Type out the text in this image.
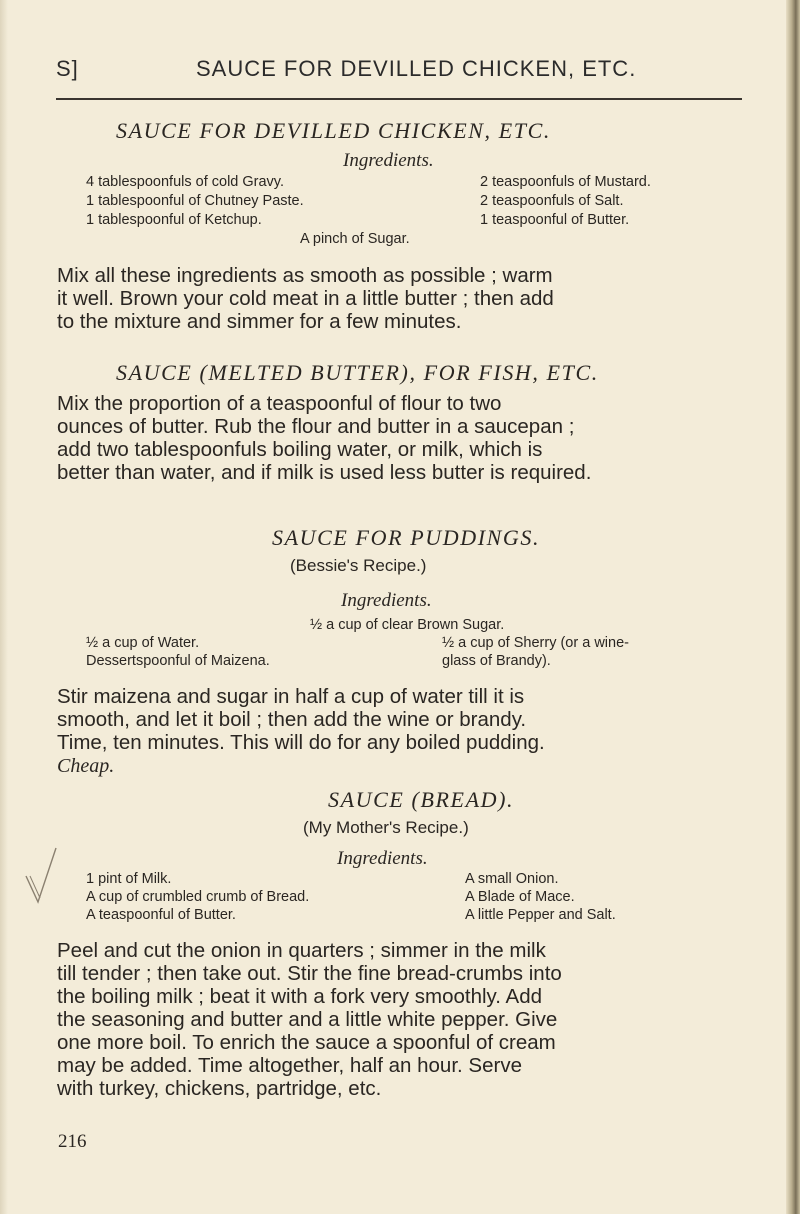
S]	SAUCE FOR DEVILLED CHICKEN, ETC.
SAUCE FOR DEVILLED CHICKEN, ETC.
Ingredients.
4 tablespoonfuls of cold Gravy.
1 tablespoonful of Chutney Paste.
1 tablespoonful of Ketchup.
2 teaspoonfuls of Mustard.
2 teaspoonfuls of Salt.
1 teaspoonful of Butter.
A pinch of Sugar.
Mix all these ingredients as smooth as possible ; warm
it well. Brown your cold meat in a little butter ; then add
to the mixture and simmer for a few minutes.
SAUCE (MELTED BUTTER), FOR FISH, ETC.
Mix the proportion of a teaspoonful of flour to two
ounces of butter. Rub the flour and butter in a saucepan ;
add two tablespoonfuls boiling water, or milk, which is
better than water, and if milk is used less butter is required.
SAUCE FOR PUDDINGS.
(Bessie's Recipe.)
Ingredients.
½ a cup of clear Brown Sugar.
½ a cup of Water.
Dessertspoonful of Maizena.
½ a cup of Sherry (or a wine-
glass of Brandy).
Stir maizena and sugar in half a cup of water till it is
smooth, and let it boil ; then add the wine or brandy.
Time, ten minutes. This will do for any boiled pudding.
Cheap.
SAUCE (BREAD).
(My Mother's Recipe.)
Ingredients.
1 pint of Milk.
A cup of crumbled crumb of Bread.
A teaspoonful of Butter.
A small Onion.
A Blade of Mace.
A little Pepper and Salt.
Peel and cut the onion in quarters ; simmer in the milk
till tender ; then take out. Stir the fine bread-crumbs into
the boiling milk ; beat it with a fork very smoothly. Add
the seasoning and butter and a little white pepper. Give
one more boil. To enrich the sauce a spoonful of cream
may be added. Time altogether, half an hour. Serve
with turkey, chickens, partridge, etc.
216
